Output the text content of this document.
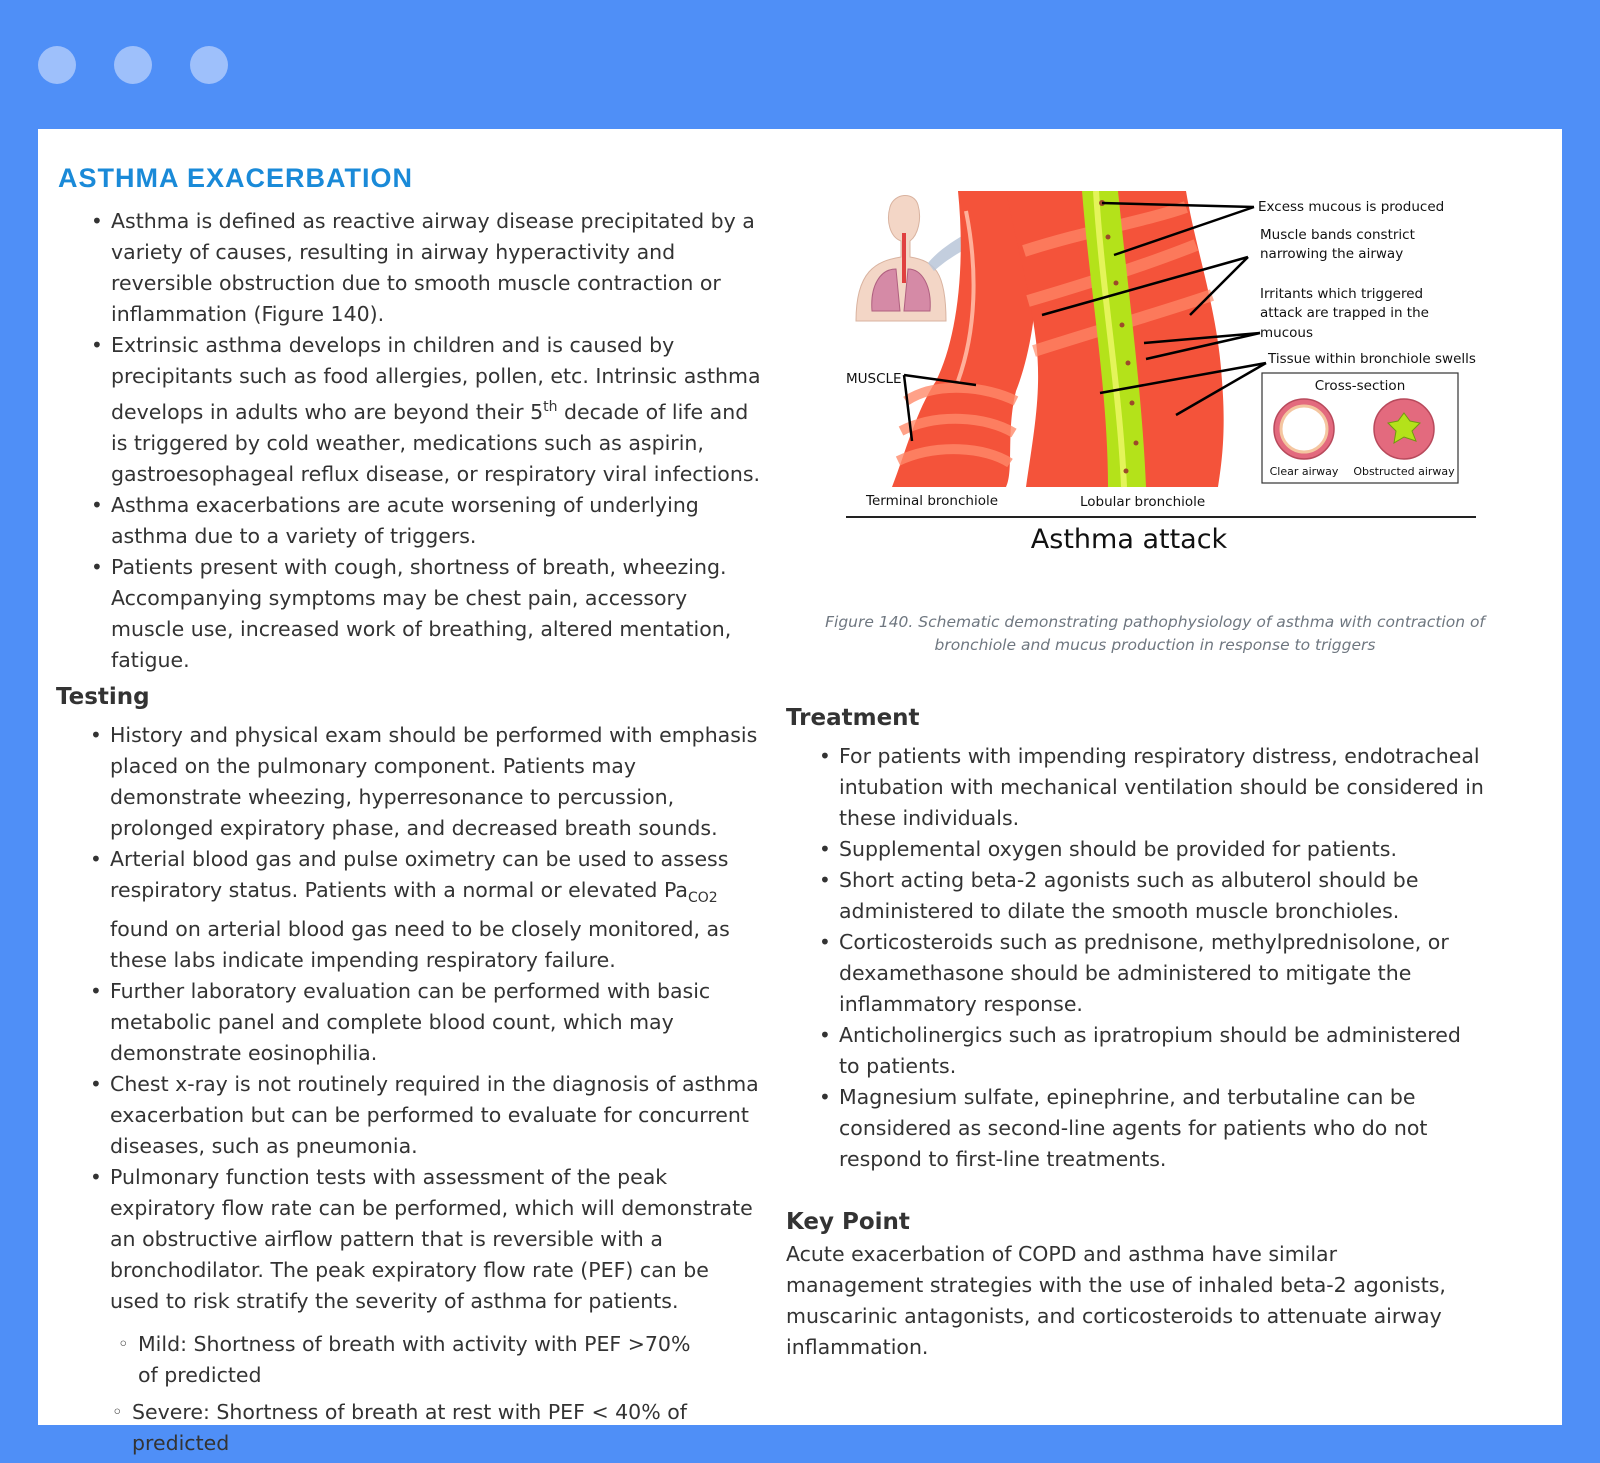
ASTHMA EXACERBATION
• Asthma is defined as reactive airway disease precipitated by a variety of causes, resulting in airway hyperactivity and reversible obstruction due to smooth muscle contraction or inflammation (Figure 140).
• Extrinsic asthma develops in children and is caused by precipitants such as food allergies, pollen, etc. Intrinsic asthma develops in adults who are beyond their 5th decade of life and is triggered by cold weather, medications such as aspirin, gastroesophageal reflux disease, or respiratory viral infections.
• Asthma exacerbations are acute worsening of underlying asthma due to a variety of triggers.
• Patients present with cough, shortness of breath, wheezing. Accompanying symptoms may be chest pain, accessory muscle use, increased work of breathing, altered mentation, fatigue.
Testing
• History and physical exam should be performed with emphasis placed on the pulmonary component. Patients may demonstrate wheezing, hyperresonance to percussion, prolonged expiratory phase, and decreased breath sounds.
• Arterial blood gas and pulse oximetry can be used to assess respiratory status. Patients with a normal or elevated $Pa_{CO2}$ found on arterial blood gas need to be closely monitored, as these labs indicate impending respiratory failure.
• Further laboratory evaluation can be performed with basic metabolic panel and complete blood count, which may demonstrate eosinophilia.
• Chest x-ray is not routinely required in the diagnosis of asthma exacerbation but can be performed to evaluate for concurrent diseases, such as pneumonia.
• Pulmonary function tests with assessment of the peak expiratory flow rate can be performed, which will demonstrate an obstructive airflow pattern that is reversible with a bronchodilator. The peak expiratory flow rate (PEF) can be used to risk stratify the severity of asthma for patients.
◦ Mild: Shortness of breath with activity with PEF >70% of predicted
◦ Severe: Shortness of breath at rest with PEF < 40% of predicted
Excess mucous is produced
Muscle bands constrict
narrowing the airway
Irritants which triggered
attack are trapped in the
mucous
Tissue within bronchiole swells
MUSCLE	Cross-section
Clear airway Obstructed airway
Terminal bronchiole	Lobular bronchiole
Asthma attack
Figure 140. Schematic demonstrating pathophysiology of asthma with contraction of bronchiole and mucus production in response to triggers
Treatment
• For patients with impending respiratory distress, endotracheal intubation with mechanical ventilation should be considered in these individuals.
• Supplemental oxygen should be provided for patients.
• Short acting beta-2 agonists such as albuterol should be administered to dilate the smooth muscle bronchioles.
• Corticosteroids such as prednisone, methylprednisolone, or dexamethasone should be administered to mitigate the inflammatory response.
• Anticholinergics such as ipratropium should be administered to patients.
• Magnesium sulfate, epinephrine, and terbutaline can be considered as second-line agents for patients who do not respond to first-line treatments.
Key Point

Acute exacerbation of COPD and asthma have similar management strategies with the use of inhaled beta-2 agonists, muscarinic antagonists, and corticosteroids to attenuate airway inflammation.
